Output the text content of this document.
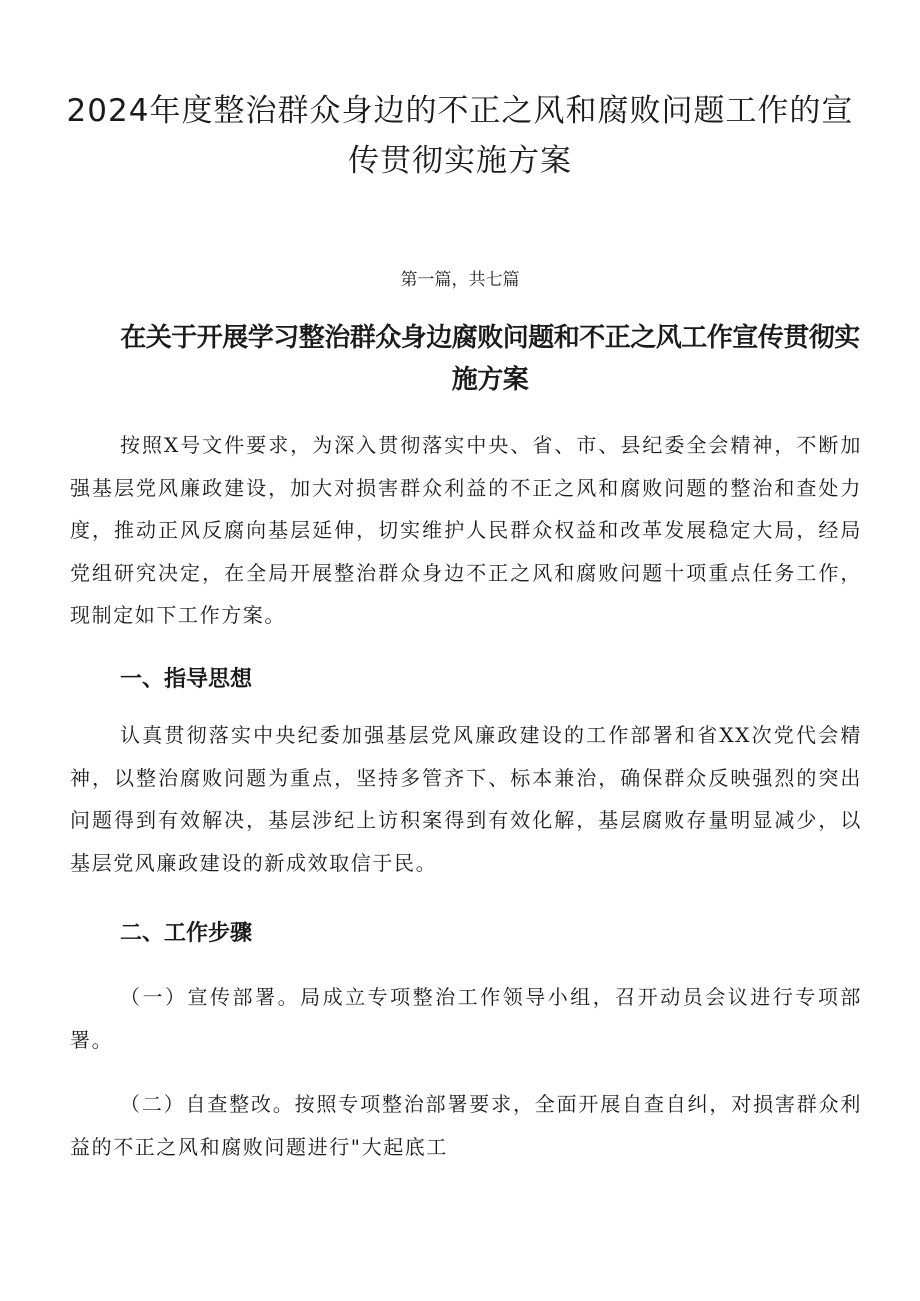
2024年度整治群众身边的不正之风和腐败问题工作的宣传贯彻实施方案
第一篇，共七篇
在关于开展学习整治群众身边腐败问题和不正之风工作宣传贯彻实施方案

按照X号文件要求，为深入贯彻落实中央、省、市、县纪委全会精神，不断加强基层党风廉政建设，加大对损害群众利益的不正之风和腐败问题的整治和查处力度，推动正风反腐向基层延伸，切实维护人民群众权益和改革发展稳定大局，经局党组研究决定，在全局开展整治群众身边不正之风和腐败问题十项重点任务工作，现制定如下工作方案。

一、指导思想

认真贯彻落实中央纪委加强基层党风廉政建设的工作部署和省XX次党代会精神，以整治腐败问题为重点，坚持多管齐下、标本兼治，确保群众反映强烈的突出问题得到有效解决，基层涉纪上访积案得到有效化解，基层腐败存量明显减少，以基层党风廉政建设的新成效取信于民。

二、工作步骤

（一）宣传部署。局成立专项整治工作领导小组，召开动员会议进行专项部署。

（二）自查整改。按照专项整治部署要求，全面开展自查自纠，对损害群众利益的不正之风和腐败问题进行"大起底工
